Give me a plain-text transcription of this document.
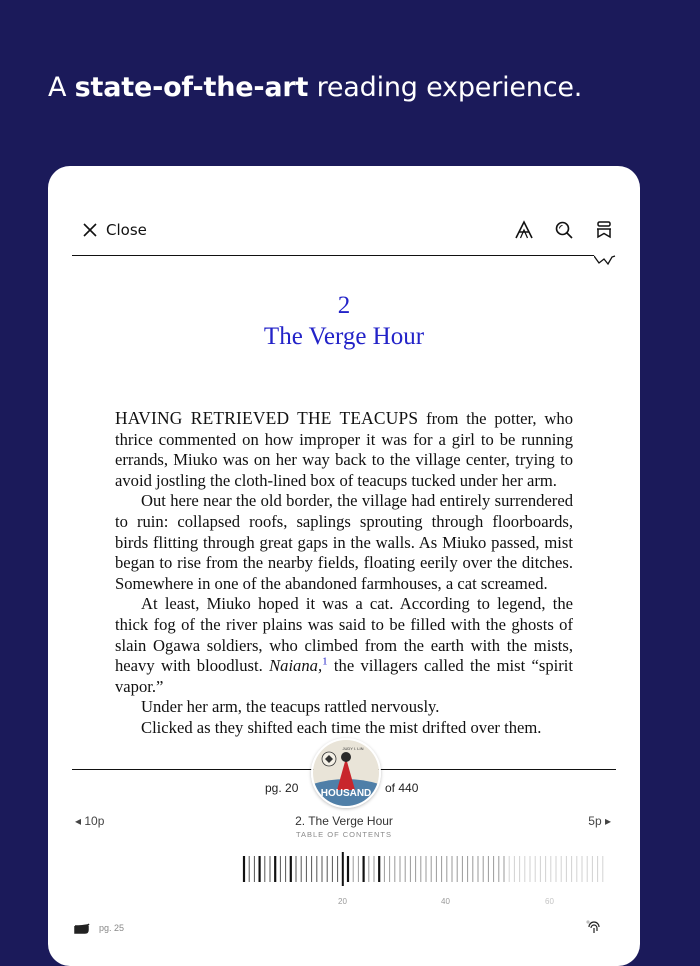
A state-of-the-art reading experience.
Close
2
The Verge Hour

HAVING RETRIEVED THE TEACUPS from the potter, who thrice commented on how improper it was for a girl to be running errands, Miuko was on her way back to the village center, trying to avoid jostling the cloth-lined box of teacups tucked under her arm.

Out here near the old border, the village had entirely surrendered to ruin: collapsed roofs, saplings sprouting through floorboards, birds flitting through great gaps in the walls. As Miuko passed, mist began to rise from the nearby fields, floating eerily over the ditches. Somewhere in one of the abandoned farmhouses, a cat screamed.

At least, Miuko hoped it was a cat. According to legend, the thick fog of the river plains was said to be filled with the ghosts of slain Ogawa soldiers, who climbed from the earth with the mists, heavy with bloodlust. Naiana,$^1$ the villagers called the mist “spirit vapor.”

Under her arm, the teacups rattled nervously.

Clicked as they shifted each time the mist drifted over them.

pg. 20	of 440
JUDY I. LIN
HOUSAND
◂ 10p	2. The Verge Hour	5p ▸
TABLE OF CONTENTS
20	40	60
pg. 25
